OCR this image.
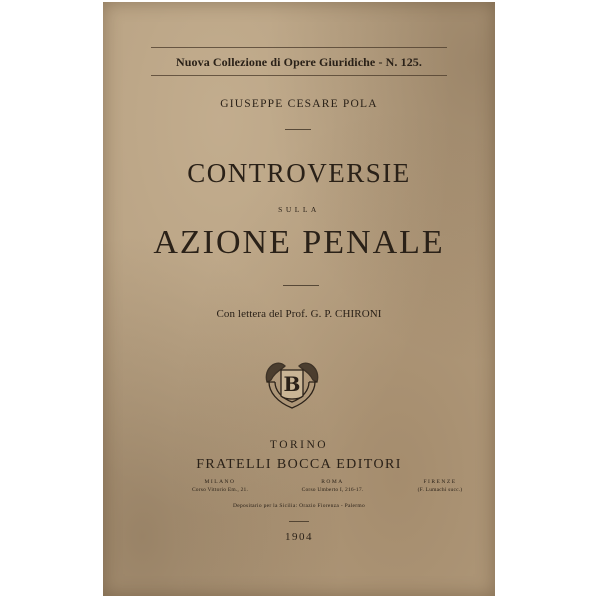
Nuova Collezione di Opere Giuridiche - N. 125.
GIUSEPPE CESARE POLA
CONTROVERSIE
SULLA
AZIONE PENALE
Con lettera del Prof. G. P. CHIRONI
B
TORINO
FRATELLI BOCCA EDITORI
MILANO
Corso Vittorio Em., 21.
ROMA
Corso Umberto I, 216-17.
FIRENZE
(F. Lumachi succ.)
Depositario per la Sicilia: Orazio Fiorenza - Palermo
1904
